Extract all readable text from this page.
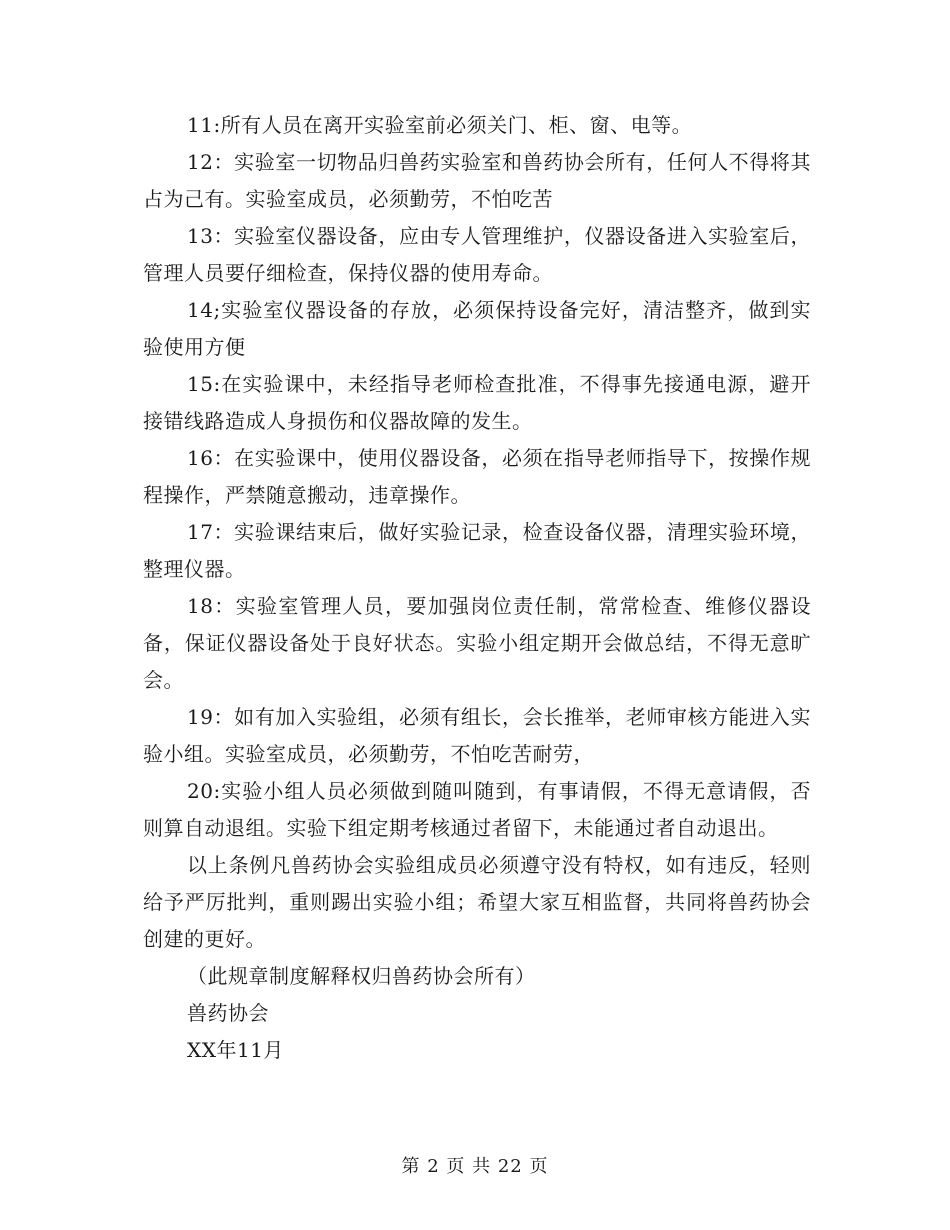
11:所有人员在离开实验室前必须关门、柜、窗、电等。

12：实验室一切物品归兽药实验室和兽药协会所有，任何人不得将其占为己有。实验室成员，必须勤劳，不怕吃苦

13：实验室仪器设备，应由专人管理维护，仪器设备进入实验室后，管理人员要仔细检查，保持仪器的使用寿命。

14;实验室仪器设备的存放，必须保持设备完好，清洁整齐，做到实验使用方便

15:在实验课中，未经指导老师检查批准，不得事先接通电源，避开接错线路造成人身损伤和仪器故障的发生。

16：在实验课中，使用仪器设备，必须在指导老师指导下，按操作规程操作，严禁随意搬动，违章操作。

17：实验课结束后，做好实验记录，检查设备仪器，清理实验环境，整理仪器。

18：实验室管理人员，要加强岗位责任制，常常检查、维修仪器设备，保证仪器设备处于良好状态。实验小组定期开会做总结，不得无意旷会。

19：如有加入实验组，必须有组长，会长推举，老师审核方能进入实验小组。实验室成员，必须勤劳，不怕吃苦耐劳，

20:实验小组人员必须做到随叫随到，有事请假，不得无意请假，否则算自动退组。实验下组定期考核通过者留下，未能通过者自动退出。

以上条例凡兽药协会实验组成员必须遵守没有特权，如有违反，轻则给予严厉批判，重则踢出实验小组；希望大家互相监督，共同将兽药协会创建的更好。

（此规章制度解释权归兽药协会所有）

兽药协会

XX年11月

第 2 页 共 22 页
